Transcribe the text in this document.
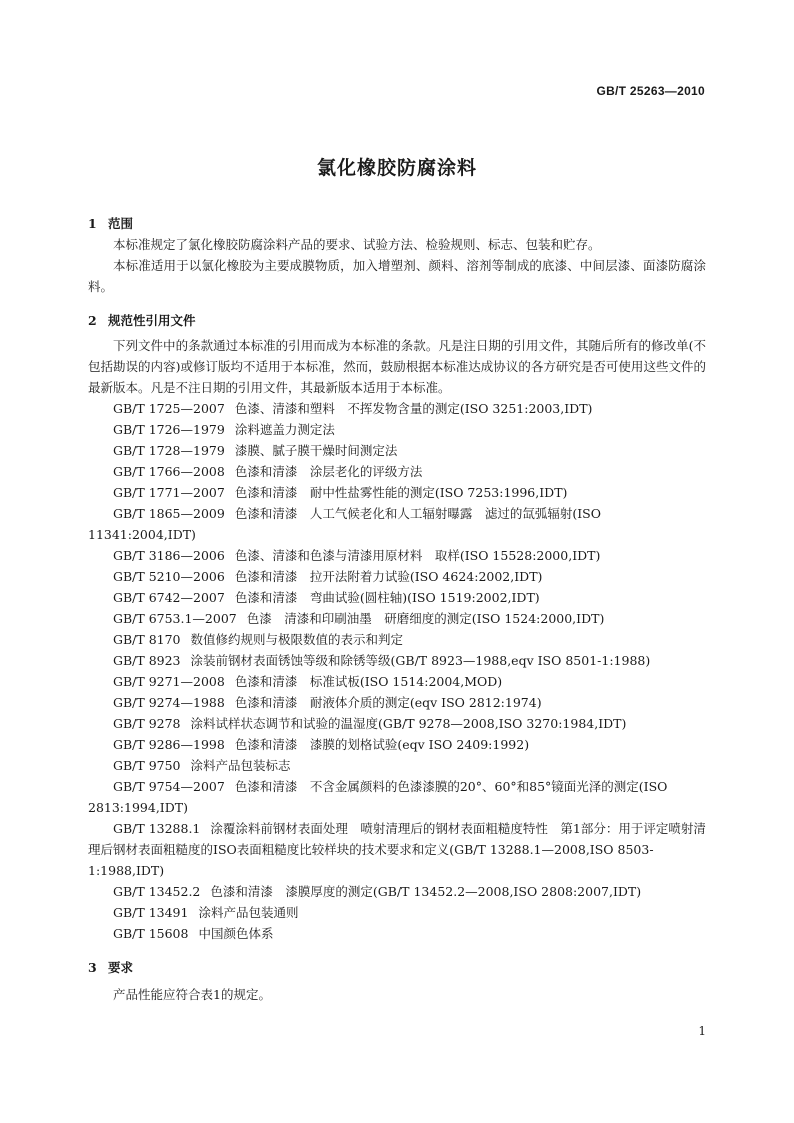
GB/T 25263—2010
氯化橡胶防腐涂料
1 范围
本标准规定了氯化橡胶防腐涂料产品的要求、试验方法、检验规则、标志、包装和贮存。
本标准适用于以氯化橡胶为主要成膜物质，加入增塑剂、颜料、溶剂等制成的底漆、中间层漆、面漆防腐涂料。
2 规范性引用文件
下列文件中的条款通过本标准的引用而成为本标准的条款。凡是注日期的引用文件，其随后所有的修改单(不包括勘误的内容)或修订版均不适用于本标准，然而，鼓励根据本标准达成协议的各方研究是否可使用这些文件的最新版本。凡是不注日期的引用文件，其最新版本适用于本标准。
GB/T 1725—2007 色漆、清漆和塑料　不挥发物含量的测定(ISO 3251:2003,IDT)
GB/T 1726—1979 涂料遮盖力测定法
GB/T 1728—1979 漆膜、腻子膜干燥时间测定法
GB/T 1766—2008 色漆和清漆　涂层老化的评级方法
GB/T 1771—2007 色漆和清漆　耐中性盐雾性能的测定(ISO 7253:1996,IDT)
GB/T 1865—2009 色漆和清漆　人工气候老化和人工辐射曝露　滤过的氙弧辐射(ISO 11341:2004,IDT)
GB/T 3186—2006 色漆、清漆和色漆与清漆用原材料　取样(ISO 15528:2000,IDT)
GB/T 5210—2006 色漆和清漆　拉开法附着力试验(ISO 4624:2002,IDT)
GB/T 6742—2007 色漆和清漆　弯曲试验(圆柱轴)(ISO 1519:2002,IDT)
GB/T 6753.1—2007 色漆　清漆和印刷油墨　研磨细度的测定(ISO 1524:2000,IDT)
GB/T 8170 数值修约规则与极限数值的表示和判定
GB/T 8923 涂装前钢材表面锈蚀等级和除锈等级(GB/T 8923—1988,eqv ISO 8501-1:1988)
GB/T 9271—2008 色漆和清漆　标准试板(ISO 1514:2004,MOD)
GB/T 9274—1988 色漆和清漆　耐液体介质的测定(eqv ISO 2812:1974)
GB/T 9278 涂料试样状态调节和试验的温湿度(GB/T 9278—2008,ISO 3270:1984,IDT)
GB/T 9286—1998 色漆和清漆　漆膜的划格试验(eqv ISO 2409:1992)
GB/T 9750 涂料产品包装标志
GB/T 9754—2007 色漆和清漆　不含金属颜料的色漆漆膜的20°、60°和85°镜面光泽的测定(ISO 2813:1994,IDT)
GB/T 13288.1 涂覆涂料前钢材表面处理　喷射清理后的钢材表面粗糙度特性　第1部分：用于评定喷射清理后钢材表面粗糙度的ISO表面粗糙度比较样块的技术要求和定义(GB/T 13288.1—2008,ISO 8503-1:1988,IDT)
GB/T 13452.2 色漆和清漆　漆膜厚度的测定(GB/T 13452.2—2008,ISO 2808:2007,IDT)
GB/T 13491 涂料产品包装通则
GB/T 15608 中国颜色体系
3 要求
产品性能应符合表1的规定。
1
